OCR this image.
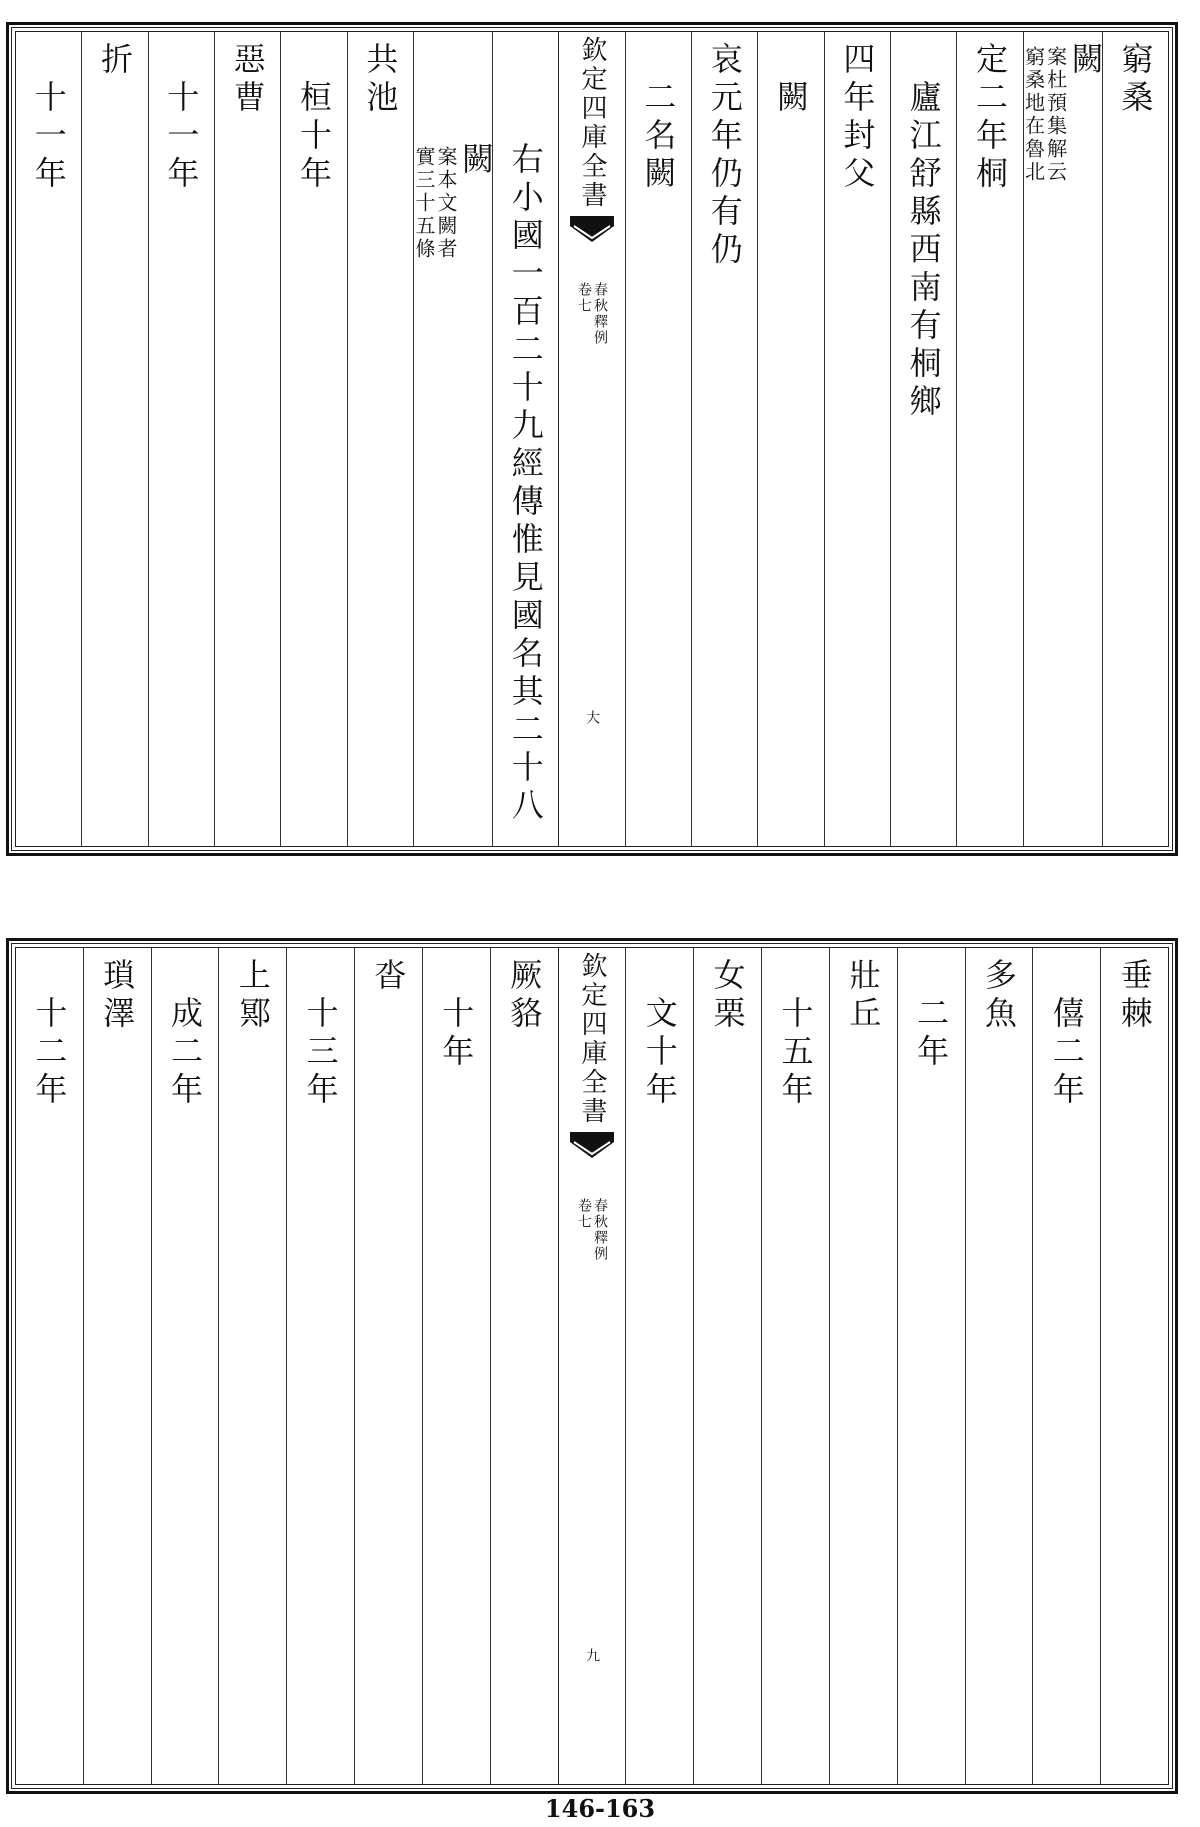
窮桑
闕
案杜預集解云
窮桑地在魯北
定二年桐
廬江舒縣西南有桐鄉
四年封父
闕
哀元年仍有仍
二名闕
欽定四庫全書
春秋釋例
卷七
大
右小國一百二十九經傳惟見國名其二十八
闕
案本文闕者
實三十五條
共池
桓十年
惡曹
十一年
折
十一年
垂棘
僖二年
多魚
二年
壯丘
十五年
女栗
文十年
欽定四庫全書
春秋釋例
卷七
九
厥貉
十年
沓
十三年
上鄍
成二年
瑣澤
十二年
146-163
